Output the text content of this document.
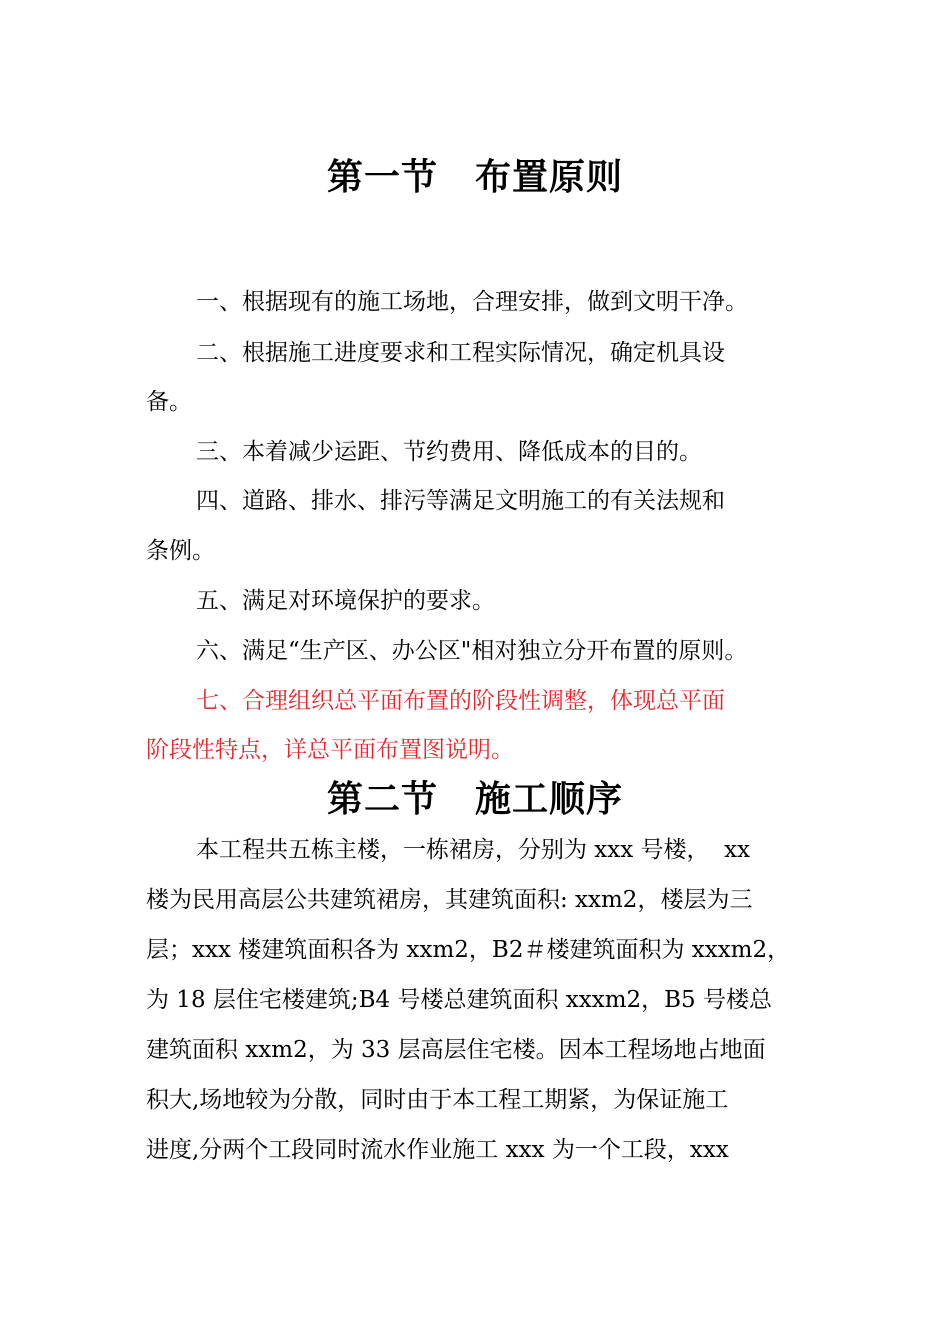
第一节　布置原则
一、根据现有的施工场地，合理安排，做到文明干净。
二、根据施工进度要求和工程实际情况，确定机具设
备。
三、本着减少运距、节约费用、降低成本的目的。
四、道路、排水、排污等满足文明施工的有关法规和
条例。
五、满足对环境保护的要求。
六、满足“生产区、办公区"相对独立分开布置的原则。
七、合理组织总平面布置的阶段性调整，体现总平面
阶段性特点，详总平面布置图说明。
第二节　施工顺序
本工程共五栋主楼，一栋裙房，分别为 xxx 号楼，  xx
楼为民用高层公共建筑裙房，其建筑面积: xxm2，楼层为三
层；xxx 楼建筑面积各为 xxm2，B2＃楼建筑面积为 xxxm2，
为 18 层住宅楼建筑;B4 号楼总建筑面积 xxxm2，B5 号楼总
建筑面积 xxm2，为 33 层高层住宅楼。因本工程场地占地面
积大,场地较为分散，同时由于本工程工期紧，为保证施工
进度,分两个工段同时流水作业施工 xxx 为一个工段，xxx
